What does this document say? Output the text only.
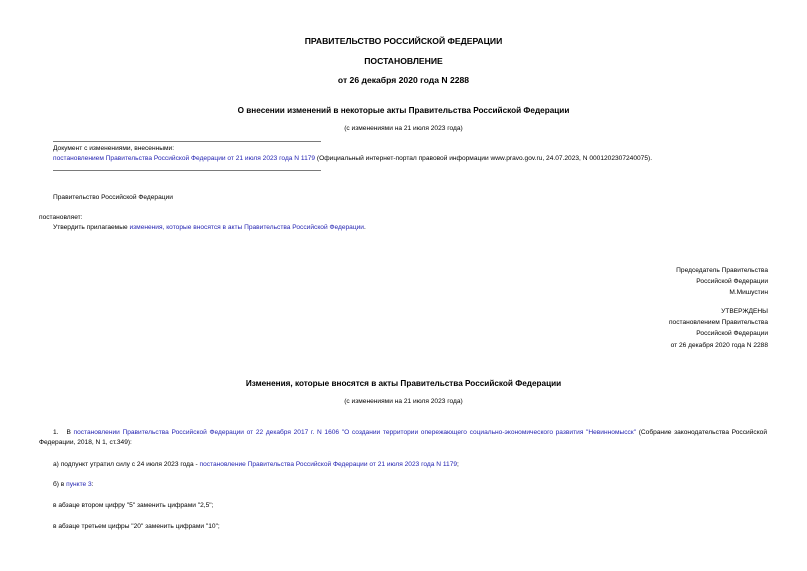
ПРАВИТЕЛЬСТВО РОССИЙСКОЙ ФЕДЕРАЦИИ
ПОСТАНОВЛЕНИЕ
от 26 декабря 2020 года N 2288
О внесении изменений в некоторые акты Правительства Российской Федерации
(с изменениями на 21 июля 2023 года)
Документ с изменениями, внесенными:
постановлением Правительства Российской Федерации от 21 июля 2023 года N 1179 (Официальный интернет-портал правовой информации www.pravo.gov.ru, 24.07.2023, N 0001202307240075).
Правительство Российской Федерации
постановляет:
Утвердить прилагаемые изменения, которые вносятся в акты Правительства Российской Федерации.
Председатель Правительства
Российской Федерации
М.Мишустин
УТВЕРЖДЕНЫ
постановлением Правительства
Российской Федерации
от 26 декабря 2020 года N 2288
Изменения, которые вносятся в акты Правительства Российской Федерации
(с изменениями на 21 июля 2023 года)
1. В постановлении Правительства Российской Федерации от 22 декабря 2017 г. N 1606 "О создании территории опережающего социально-экономического развития "Невинномысск" (Собрание законодательства Российской Федерации, 2018, N 1, ст.349):
а) подпункт утратил силу с 24 июля 2023 года - постановление Правительства Российской Федерации от 21 июля 2023 года N 1179;
б) в пункте 3:
в абзаце втором цифру "5" заменить цифрами "2,5";
в абзаце третьем цифры "20" заменить цифрами "10";
